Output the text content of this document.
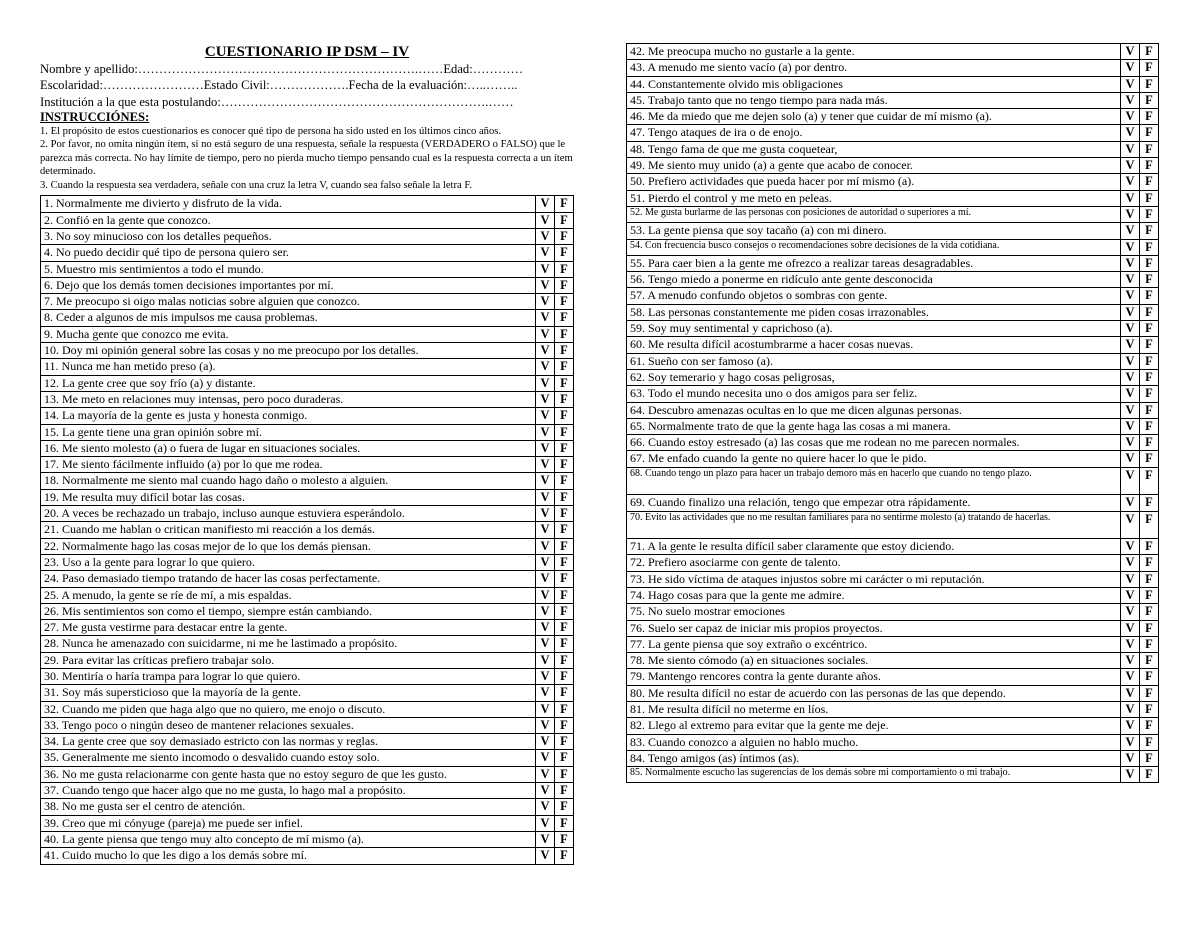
CUESTIONARIO IP DSM – IV
Nombre y apellido:………………………………………………………….……Edad:…………
Escolaridad:……………………Estado Civil:……………….Fecha de la evaluación:…..……..
Institución a la que esta postulando:……………………………………………………….……
INSTRUCCIÓNES:
1. El propósito de estos cuestionarios es conocer qué tipo de persona ha sido usted en los últimos cinco años.
2. Por favor, no omita ningún ítem, si no está seguro de una respuesta, señale la respuesta (VERDADERO o FALSO) que le parezca más correcta. No hay límite de tiempo, pero no pierda mucho tiempo pensando cual es la respuesta correcta a un ítem determinado.
3. Cuando la respuesta sea verdadera, señale con una cruz la letra V, cuando sea falso señale la letra F.
1. Normalmente me divierto y disfruto de la vida.	V	F
2. Confió en la gente que conozco.	V	F
3. No soy minucioso con los detalles pequeños.	V	F
4. No puedo decidir qué tipo de persona quiero ser.	V	F
5. Muestro mis sentimientos a todo el mundo.	V	F
6. Dejo que los demás tomen decisiones importantes por mí.	V	F
7. Me preocupo si oigo malas noticias sobre alguien que conozco.	V	F
8. Ceder a algunos de mis impulsos me causa problemas.	V	F
9. Mucha gente que conozco me evita.	V	F
10. Doy mi opinión general sobre las cosas y no me preocupo por los detalles.	V	F
11. Nunca me han metido preso (a).	V	F
12. La gente cree que soy frío (a) y distante.	V	F
13. Me meto en relaciones muy intensas, pero poco duraderas.	V	F
14. La mayoría de la gente es justa y honesta conmigo.	V	F
15. La gente tiene una gran opinión sobre mí.	V	F
16. Me siento molesto (a) o fuera de lugar en situaciones sociales.	V	F
17. Me siento fácilmente influido (a) por lo que me rodea.	V	F
18. Normalmente me siento mal cuando hago daño o molesto a alguien.	V	F
19. Me resulta muy difícil botar las cosas.	V	F
20. A veces be rechazado un trabajo, incluso aunque estuviera esperándolo.	V	F
21. Cuando me hablan o critican manifiesto mi reacción a los demás.	V	F
22. Normalmente hago las cosas mejor de lo que los demás piensan.	V	F
23. Uso a la gente para lograr lo que quiero.	V	F
24. Paso demasiado tiempo tratando de hacer las cosas perfectamente.	V	F
25. A menudo, la gente se ríe de mí, a mis espaldas.	V	F
26. Mis sentimientos son como el tiempo, siempre están cambiando.	V	F
27. Me gusta vestirme para destacar entre la gente.	V	F
28. Nunca he amenazado con suicidarme, ni me he lastimado a propósito.	V	F
29. Para evitar las críticas prefiero trabajar solo.	V	F
30. Mentiría o haría trampa para lograr lo que quiero.	V	F
31. Soy más supersticioso que la mayoría de la gente.	V	F
32. Cuando me piden que haga algo que no quiero, me enojo o discuto.	V	F
33. Tengo poco o ningún deseo de mantener relaciones sexuales.	V	F
34. La gente cree que soy demasiado estricto con las normas y reglas.	V	F
35. Generalmente me siento incomodo o desvalido cuando estoy solo.	V	F
36. No me gusta relacionarme con gente hasta que no estoy seguro de que les gusto.	V	F
37. Cuando tengo que hacer algo que no me gusta, lo hago mal a propósito.	V	F
38. No me gusta ser el centro de atención.	V	F
39. Creo que mi cónyuge (pareja) me puede ser infiel.	V	F
40. La gente piensa que tengo muy alto concepto de mí mismo (a).	V	F
41. Cuido mucho lo que les digo a los demás sobre mí.	V	F
42. Me preocupa mucho no gustarle a la gente.	V	F
43. A menudo me siento vacío (a) por dentro.	V	F
44. Constantemente olvido mis obligaciones	V	F
45. Trabajo tanto que no tengo tiempo para nada más.	V	F
46. Me da miedo que me dejen solo (a) y tener que cuidar de mí mismo (a).	V	F
47. Tengo ataques de ira o de enojo.	V	F
48. Tengo fama de que me gusta coquetear,	V	F
49. Me siento muy unido (a) a gente que acabo de conocer.	V	F
50. Prefiero actividades que pueda hacer por mí mismo (a).	V	F
51. Pierdo el control y me meto en peleas.	V	F
52. Me gusta burlarme de las personas con posiciones de autoridad o superiores a mí.	V	F
53. La gente piensa que soy tacaño (a) con mi dinero.	V	F
54. Con frecuencia busco consejos o recomendaciones sobre decisiones de la vida cotidiana.	V	F
55. Para caer bien a la gente me ofrezco a realizar tareas desagradables.	V	F
56. Tengo miedo a ponerme en ridículo ante gente desconocida	V	F
57. A menudo confundo objetos o sombras con gente.	V	F
58. Las personas constantemente me piden cosas irrazonables.	V	F
59. Soy muy sentimental y caprichoso (a).	V	F
60. Me resulta difícil acostumbrarme a hacer cosas nuevas.	V	F
61. Sueño con ser famoso (a).	V	F
62. Soy temerario y hago cosas peligrosas,	V	F
63. Todo el mundo necesita uno o dos amigos para ser feliz.	V	F
64. Descubro amenazas ocultas en lo que me dicen algunas personas.	V	F
65. Normalmente trato de que la gente haga las cosas a mi manera.	V	F
66. Cuando estoy estresado (a) las cosas que me rodean no me parecen normales.	V	F
67. Me enfado cuando la gente no quiere hacer lo que le pido.	V	F
68. Cuando tengo un plazo para hacer un trabajo demoro más en hacerlo que cuando no tengo plazo.	V	F
69. Cuando finalizo una relación, tengo que empezar otra rápidamente.	V	F
70. Evito las actividades que no me resultan familiares para no sentirme molesto (a) tratando de hacerlas.	V	F
71. A la gente le resulta difícil saber claramente que estoy diciendo.	V	F
72. Prefiero asociarme con gente de talento.	V	F
73. He sido víctima de ataques injustos sobre mi carácter o mi reputación.	V	F
74. Hago cosas para que la gente me admire.	V	F
75. No suelo mostrar emociones	V	F
76. Suelo ser capaz de iniciar mis propios proyectos.	V	F
77. La gente piensa que soy extraño o excéntrico.	V	F
78. Me siento cómodo (a) en situaciones sociales.	V	F
79. Mantengo rencores contra la gente durante años.	V	F
80. Me resulta difícil no estar de acuerdo con las personas de las que dependo.	V	F
81. Me resulta difícil no meterme en líos.	V	F
82. Llego al extremo para evitar que la gente me deje.	V	F
83. Cuando conozco a alguien no hablo mucho.	V	F
84. Tengo amigos (as) íntimos (as).	V	F
85. Normalmente escucho las sugerencias de los demás sobre mi comportamiento o mi trabajo.	V	F
